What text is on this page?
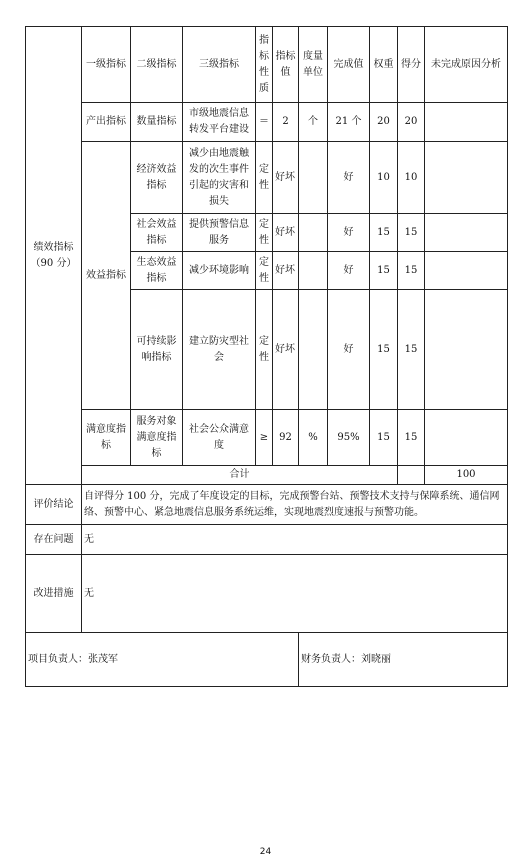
绩效指标（90 分）	一级指标	二级指标	三级指标	指标性质	指标值	度量单位	完成值	权重	得分	未完成原因分析	
	产出指标	数量指标	市级地震信息转发平台建设	＝	2	个	21 个	20	20		
	效益指标	经济效益指标	减少由地震触发的次生事件引起的灾害和损失	定性	好坏		好	10	10		
		社会效益指标	提供预警信息服务	定性	好坏		好	15	15		
		生态效益指标	减少环境影响	定性	好坏		好	15	15		
		可持续影响指标	建立防灾型社会	定性	好坏		好	15	15		
	满意度指标	服务对象满意度指标	社会公众满意度	≥	92	%	95%	15	15		
	合计									100	
评价结论	自评得分 100 分，完成了年度设定的目标，完成预警台站、预警技术支持与保障系统、通信网络、预警中心、紧急地震信息服务系统运维，实现地震烈度速报与预警功能。										
存在问题	无										
改进措施	无										
项目负责人：张茂军						财务负责人：刘晓丽					
24
